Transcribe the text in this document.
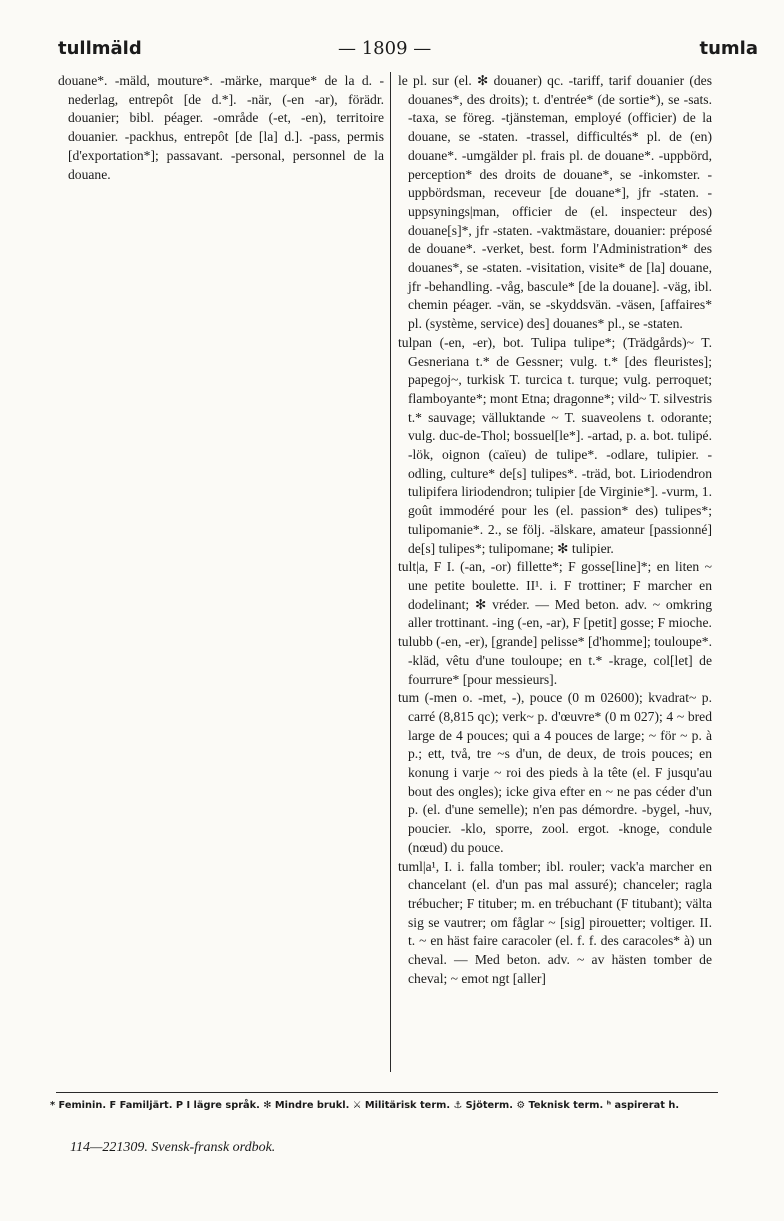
tullmäld	— 1809 —	tumla

douane*. -mäld, mouture*. -märke, marque* de la d. -nederlag, entrepôt [de d.*]. -när, (-en -ar), förädr. douanier; bibl. péager. -område (-et, -en), territoire douanier. -packhus, entrepôt [de [la] d.]. -pass, permis [d'exportation*]; passavant. -personal, personnel de la douane.

le pl. sur (el. ✻ douaner) qc. -tariff, tarif douanier (des douanes*, des droits); t. d'entrée* (de sortie*), se -sats. -taxa, se föreg. -tjänsteman, employé (officier) de la douane, se -staten. -trassel, difficultés* pl. de (en) douane*. -umgälder pl. frais pl. de douane*. -uppbörd, perception* des droits de douane*, se -inkomster. -uppbördsman, receveur [de douane*], jfr -staten. -uppsynings|man, officier de (el. inspecteur des) douane[s]*, jfr -staten. -vaktmästare, douanier: préposé de douane*. -verket, best. form l'Administration* des douanes*, se -staten. -visitation, visite* de [la] douane, jfr -behandling. -våg, bascule* [de la douane]. -väg, ibl. chemin péager. -vän, se -skyddsvän. -väsen, [affaires* pl. (système, service) des] douanes* pl., se -staten.

tulpan (-en, -er), bot. Tulipa tulipe*; (Trädgårds)~ T. Gesneriana t.* de Gessner; vulg. t.* [des fleuristes]; papegoj~, turkisk T. turcica t. turque; vulg. perroquet; flamboyante*; mont Etna; dragonne*; vild~ T. silvestris t.* sauvage; välluktande ~ T. suaveolens t. odorante; vulg. duc-de-Thol; bossuel[le*]. -artad, p. a. bot. tulipé. -lök, oignon (caïeu) de tulipe*. -odlare, tulipier. -odling, culture* de[s] tulipes*. -träd, bot. Liriodendron tulipifera liriodendron; tulipier [de Virginie*]. -vurm, 1. goût immodéré pour les (el. passion* des) tulipes*; tulipomanie*. 2., se följ. -älskare, amateur [passionné] de[s] tulipes*; tulipomane; ✻ tulipier.

tult|a, F I. (-an, -or) fillette*; F gosse[line]*; en liten ~ une petite boulette. II¹. i. F trottiner; F marcher en dodelinant; ✻ vréder. — Med beton. adv. ~ omkring aller trottinant. -ing (-en, -ar), F [petit] gosse; F mioche.

tulubb (-en, -er), [grande] pelisse* [d'homme]; touloupe*. -kläd, vêtu d'une touloupe; en t.* -krage, col[let] de fourrure* [pour messieurs].

tum (-men o. -met, -), pouce (0 m 02600); kvadrat~ p. carré (8,815 qc); verk~ p. d'œuvre* (0 m 027); 4 ~ bred large de 4 pouces; qui a 4 pouces de large; ~ för ~ p. à p.; ett, två, tre ~s d'un, de deux, de trois pouces; en konung i varje ~ roi des pieds à la tête (el. F jusqu'au bout des ongles); icke giva efter en ~ ne pas céder d'un p. (el. d'une semelle); n'en pas démordre. -bygel, -huv, poucier. -klo, sporre, zool. ergot. -knoge, condule (nœud) du pouce.

tuml|a¹, I. i. falla tomber; ibl. rouler; vack'a marcher en chancelant (el. d'un pas mal assuré); chanceler; ragla trébucher; F tituber; m. en trébuchant (F titubant); välta sig se vautrer; om fåglar ~ [sig] pirouetter; voltiger. II. t. ~ en häst faire caracoler (el. f. f. des caracoles* à) un cheval. — Med beton. adv. ~ av hästen tomber de cheval; ~ emot ngt [aller]

* Feminin. F Familjärt. P I lägre språk. ✻ Mindre brukl. ⚔ Militärisk term. ⚓ Sjöterm. ⚙ Teknisk term. ʰ aspirerat h.
114—221309. Svensk-fransk ordbok.
